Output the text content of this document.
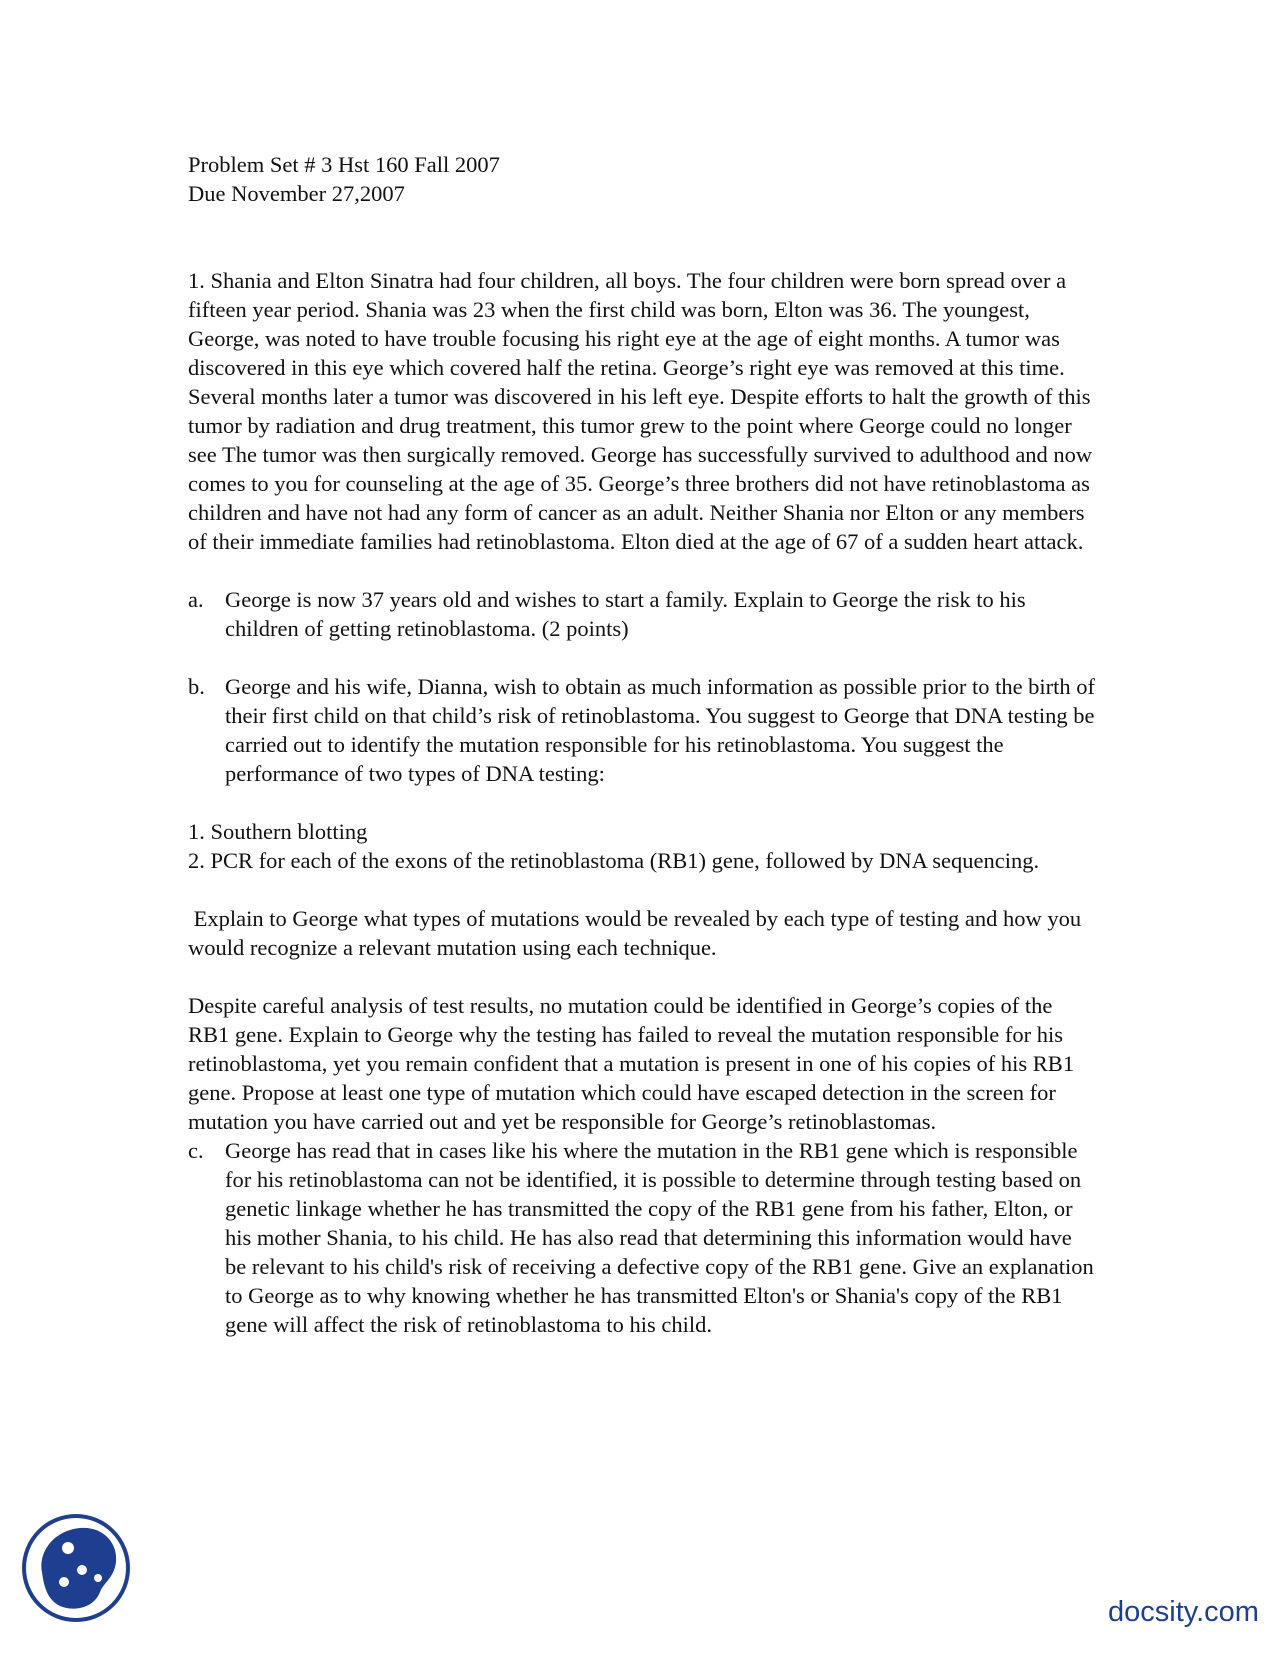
Problem Set # 3 Hst 160 Fall 2007
Due November 27,2007
1. Shania and Elton Sinatra had four children, all boys. The four children were born spread over a fifteen year period. Shania was 23 when the first child was born, Elton was 36. The youngest, George, was noted to have trouble focusing his right eye at the age of eight months. A tumor was discovered in this eye which covered half the retina. George’s right eye was removed at this time. Several months later a tumor was discovered in his left eye. Despite efforts to halt the growth of this tumor by radiation and drug treatment, this tumor grew to the point where George could no longer see The tumor was then surgically removed. George has successfully survived to adulthood and now comes to you for counseling at the age of 35. George’s three brothers did not have retinoblastoma as children and have not had any form of cancer as an adult. Neither Shania nor Elton or any members of their immediate families had retinoblastoma. Elton died at the age of 67 of a sudden heart attack.
a. George is now 37 years old and wishes to start a family. Explain to George the risk to his children of getting retinoblastoma. (2 points)
b. George and his wife, Dianna, wish to obtain as much information as possible prior to the birth of their first child on that child’s risk of retinoblastoma. You suggest to George that DNA testing be carried out to identify the mutation responsible for his retinoblastoma. You suggest the performance of two types of DNA testing:
1. Southern blotting
2. PCR for each of the exons of the retinoblastoma (RB1) gene, followed by DNA sequencing.
Explain to George what types of mutations would be revealed by each type of testing and how you would recognize a relevant mutation using each technique.
Despite careful analysis of test results, no mutation could be identified in George’s copies of the RB1 gene. Explain to George why the testing has failed to reveal the mutation responsible for his retinoblastoma, yet you remain confident that a mutation is present in one of his copies of his RB1 gene. Propose at least one type of mutation which could have escaped detection in the screen for mutation you have carried out and yet be responsible for George’s retinoblastomas.
c. George has read that in cases like his where the mutation in the RB1 gene which is responsible for his retinoblastoma can not be identified, it is possible to determine through testing based on genetic linkage whether he has transmitted the copy of the RB1 gene from his father, Elton, or his mother Shania, to his child. He has also read that determining this information would have be relevant to his child's risk of receiving a defective copy of the RB1 gene. Give an explanation to George as to why knowing whether he has transmitted Elton's or Shania's copy of the RB1 gene will affect the risk of retinoblastoma to his child.
docsity.com
